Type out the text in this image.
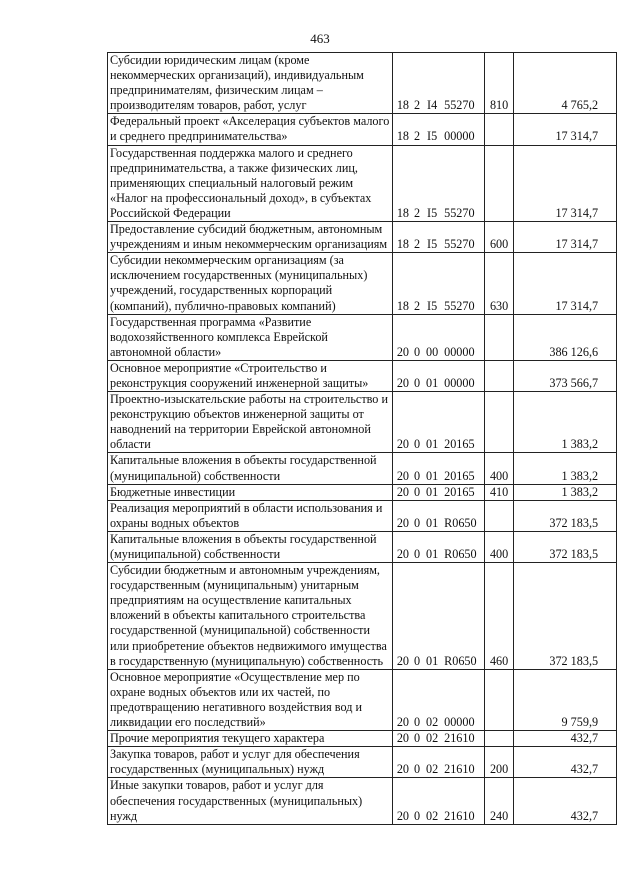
463
Субсидии юридическим лицам (кроме некоммерческих организаций), индивидуальным предпринимателям, физическим лицам – производителям товаров, работ, услуг	18	2	I4	55270	810	4 765,2
Федеральный проект «Акселерация субъектов малого и среднего предпринимательства»	18	2	I5	00000		17 314,7
Государственная поддержка малого и среднего предпринимательства, а также физических лиц, применяющих специальный налоговый режим «Налог на профессиональный доход», в субъектах Российской Федерации	18	2	I5	55270		17 314,7
Предоставление субсидий бюджетным, автономным учреждениям и иным некоммерческим организациям	18	2	I5	55270	600	17 314,7
Субсидии некоммерческим организациям (за исключением государственных (муниципальных) учреждений, государственных корпораций (компаний), публично-правовых компаний)	18	2	I5	55270	630	17 314,7
Государственная программа «Развитие водохозяйственного комплекса Еврейской автономной области»	20	0	00	00000		386 126,6
Основное мероприятие «Строительство и реконструкция сооружений инженерной защиты»	20	0	01	00000		373 566,7
Проектно-изыскательские работы на строительство и реконструкцию объектов инженерной защиты от наводнений на территории Еврейской автономной области	20	0	01	20165		1 383,2
Капитальные вложения в объекты государственной (муниципальной) собственности	20	0	01	20165	400	1 383,2
Бюджетные инвестиции	20	0	01	20165	410	1 383,2
Реализация мероприятий в области использования и охраны водных объектов	20	0	01	R0650		372 183,5
Капитальные вложения в объекты государственной (муниципальной) собственности	20	0	01	R0650	400	372 183,5
Субсидии бюджетным и автономным учреждениям, государственным (муниципальным) унитарным предприятиям на осуществление капитальных вложений в объекты капитального строительства государственной (муниципальной) собственности или приобретение объектов недвижимого имущества в государственную (муниципальную) собственность	20	0	01	R0650	460	372 183,5
Основное мероприятие «Осуществление мер по охране водных объектов или их частей, по предотвращению негативного воздействия вод и ликвидации его последствий»	20	0	02	00000		9 759,9
Прочие мероприятия текущего характера	20	0	02	21610		432,7
Закупка товаров, работ и услуг для обеспечения государственных (муниципальных) нужд	20	0	02	21610	200	432,7
Иные закупки товаров, работ и услуг для обеспечения государственных (муниципальных) нужд	20	0	02	21610	240	432,7
